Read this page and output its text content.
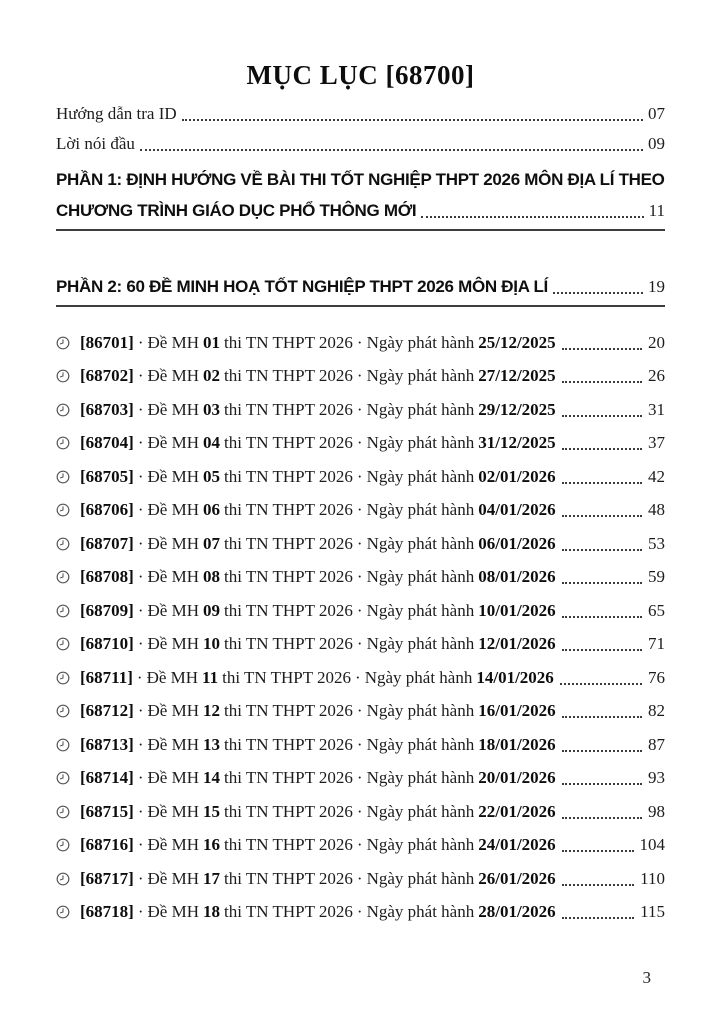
MỤC LỤC [68700]
Hướng dẫn tra ID	07
Lời nói đầu	09
PHẦN 1: ĐỊNH HƯỚNG VỀ BÀI THI TỐT NGHIỆP THPT 2026 MÔN ĐỊA LÍ THEO
CHƯƠNG TRÌNH GIÁO DỤC PHỔ THÔNG MỚI	11
PHẦN 2: 60 ĐỀ MINH HOẠ TỐT NGHIỆP THPT 2026 MÔN ĐỊA LÍ	19
[86701] · Đề MH 01 thi TN THPT 2026 · Ngày phát hành 25/12/2025	20
[68702] · Đề MH 02 thi TN THPT 2026 · Ngày phát hành 27/12/2025	26
[68703] · Đề MH 03 thi TN THPT 2026 · Ngày phát hành 29/12/2025	31
[68704] · Đề MH 04 thi TN THPT 2026 · Ngày phát hành 31/12/2025	37
[68705] · Đề MH 05 thi TN THPT 2026 · Ngày phát hành 02/01/2026	42
[68706] · Đề MH 06 thi TN THPT 2026 · Ngày phát hành 04/01/2026	48
[68707] · Đề MH 07 thi TN THPT 2026 · Ngày phát hành 06/01/2026	53
[68708] · Đề MH 08 thi TN THPT 2026 · Ngày phát hành 08/01/2026	59
[68709] · Đề MH 09 thi TN THPT 2026 · Ngày phát hành 10/01/2026	65
[68710] · Đề MH 10 thi TN THPT 2026 · Ngày phát hành 12/01/2026	71
[68711] · Đề MH 11 thi TN THPT 2026 · Ngày phát hành 14/01/2026	76
[68712] · Đề MH 12 thi TN THPT 2026 · Ngày phát hành 16/01/2026	82
[68713] · Đề MH 13 thi TN THPT 2026 · Ngày phát hành 18/01/2026	87
[68714] · Đề MH 14 thi TN THPT 2026 · Ngày phát hành 20/01/2026	93
[68715] · Đề MH 15 thi TN THPT 2026 · Ngày phát hành 22/01/2026	98
[68716] · Đề MH 16 thi TN THPT 2026 · Ngày phát hành 24/01/2026	104
[68717] · Đề MH 17 thi TN THPT 2026 · Ngày phát hành 26/01/2026	110
[68718] · Đề MH 18 thi TN THPT 2026 · Ngày phát hành 28/01/2026	115
3
